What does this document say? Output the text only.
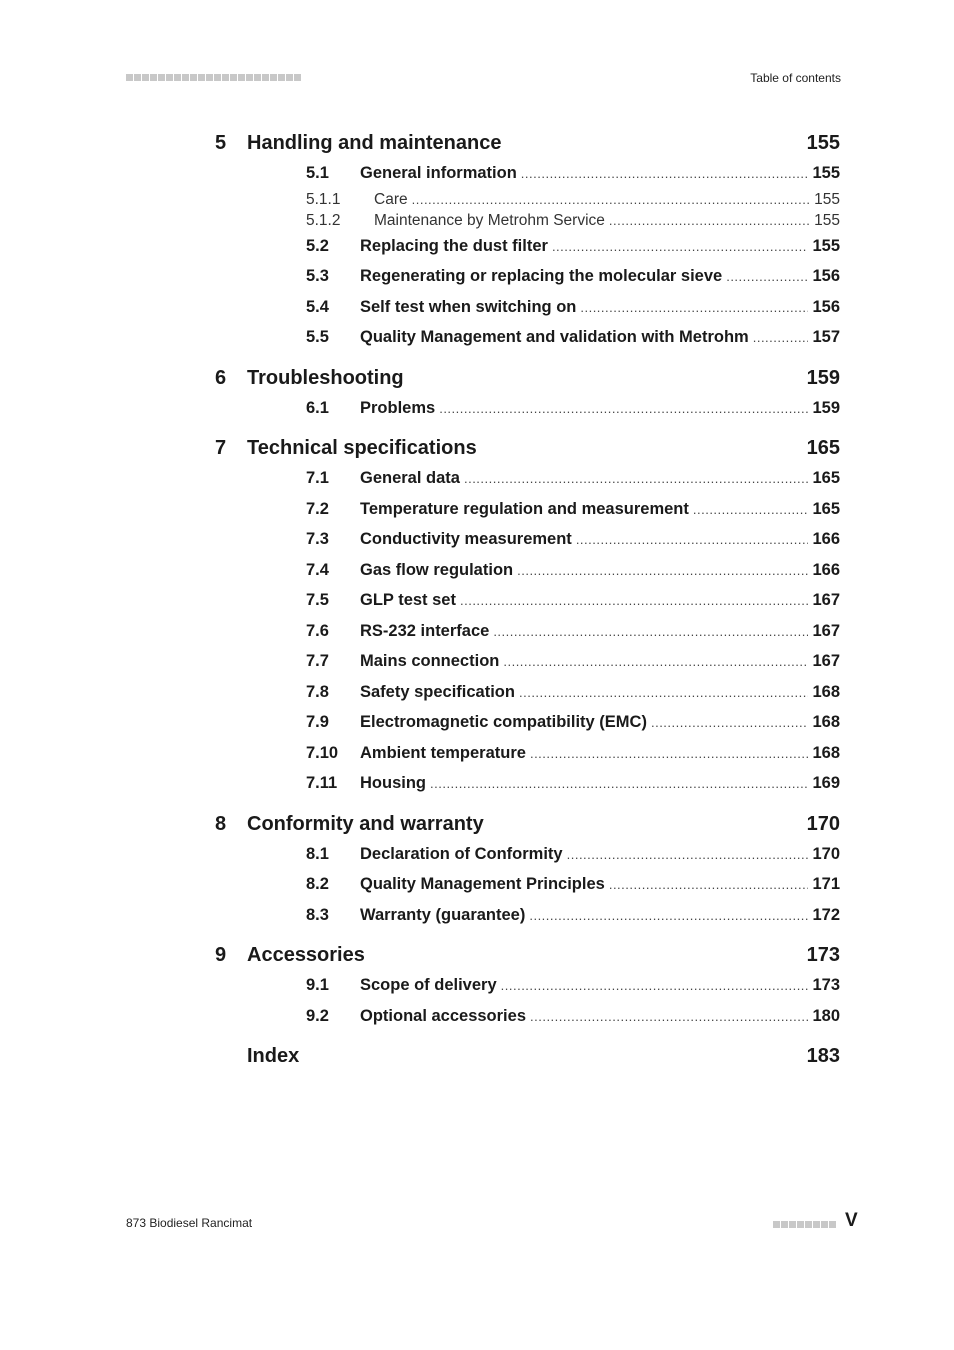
Table of contents
5	Handling and maintenance	155
5.1	General information .....	155
5.1.1	Care .....	155
5.1.2	Maintenance by Metrohm Service .....	155
5.2	Replacing the dust filter .....	155
5.3	Regenerating or replacing the molecular sieve .....	156
5.4	Self test when switching on .....	156
5.5	Quality Management and validation with Metrohm .....	157
6	Troubleshooting	159
6.1	Problems .....	159
7	Technical specifications	165
7.1	General data .....	165
7.2	Temperature regulation and measurement .....	165
7.3	Conductivity measurement .....	166
7.4	Gas flow regulation .....	166
7.5	GLP test set .....	167
7.6	RS-232 interface .....	167
7.7	Mains connection .....	167
7.8	Safety specification .....	168
7.9	Electromagnetic compatibility (EMC) .....	168
7.10	Ambient temperature .....	168
7.11	Housing .....	169
8	Conformity and warranty	170
8.1	Declaration of Conformity .....	170
8.2	Quality Management Principles .....	171
8.3	Warranty (guarantee) .....	172
9	Accessories	173
9.1	Scope of delivery .....	173
9.2	Optional accessories .....	180
Index	183
873 Biodiesel Rancimat	V
